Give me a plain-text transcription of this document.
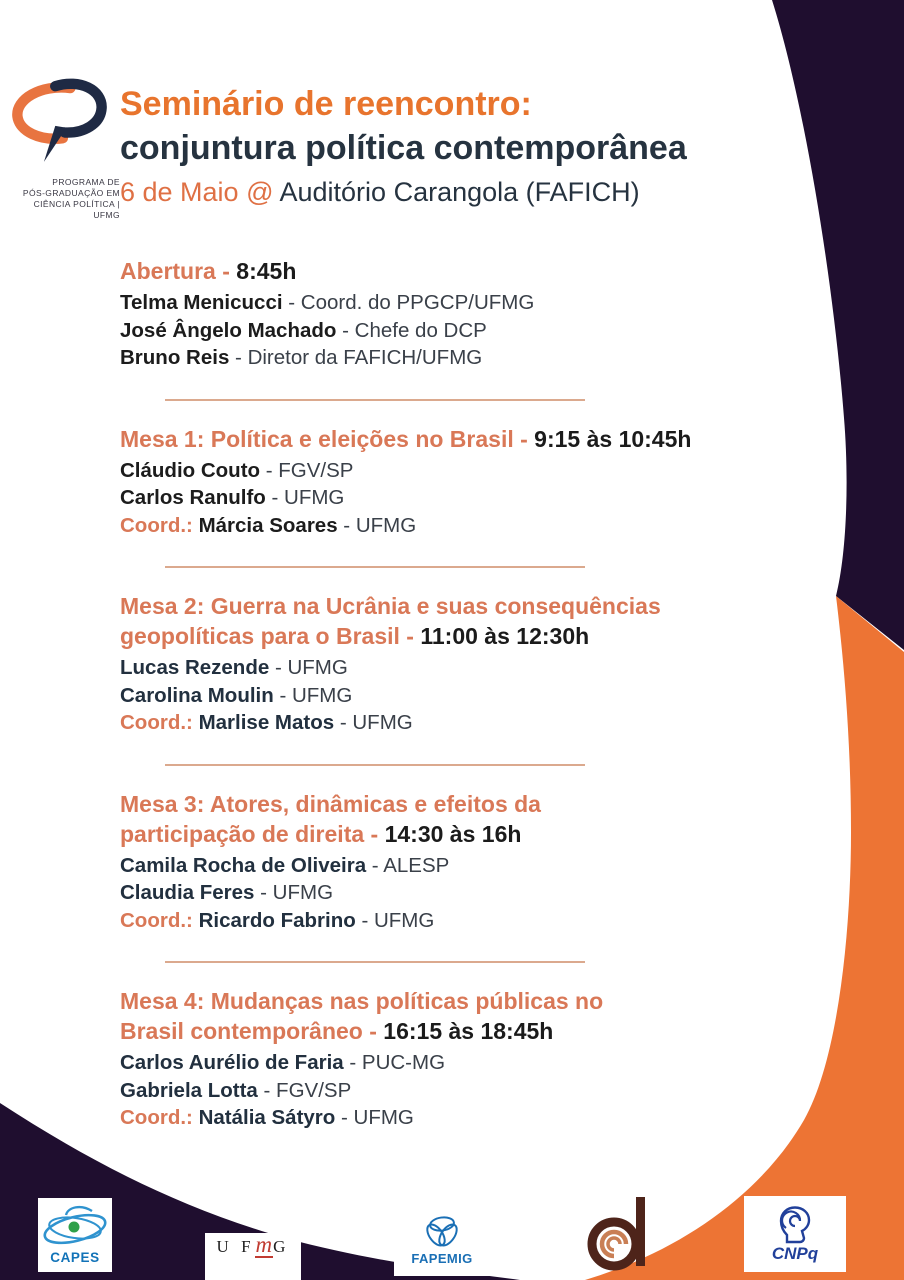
PROGRAMA DE
PÓS-GRADUAÇÃO EM
CIÊNCIA POLÍTICA | UFMG
Seminário de reencontro:
conjuntura política contemporânea
6 de Maio @ Auditório Carangola (FAFICH)
Abertura - 8:45h

Telma Menicucci - Coord. do PPGCP/UFMG

José Ângelo Machado - Chefe do DCP

Bruno Reis - Diretor da FAFICH/UFMG

Mesa 1: Política e eleições no Brasil - 9:15 às 10:45h

Cláudio Couto - FGV/SP

Carlos Ranulfo - UFMG

Coord.: Márcia Soares - UFMG

Mesa 2: Guerra na Ucrânia e suas consequências
geopolíticas para o Brasil - 11:00 às 12:30h

Lucas Rezende - UFMG

Carolina Moulin - UFMG

Coord.: Marlise Matos - UFMG

Mesa 3: Atores, dinâmicas e efeitos da
participação de direita - 14:30 às 16h

Camila Rocha de Oliveira - ALESP

Claudia Feres - UFMG

Coord.: Ricardo Fabrino - UFMG

Mesa 4: Mudanças nas políticas públicas no
Brasil contemporâneo - 16:15 às 18:45h

Carlos Aurélio de Faria - PUC-MG

Gabriela Lotta - FGV/SP

Coord.: Natália Sátyro - UFMG

CAPES
U F m G
FAPEMIG	CNPq
